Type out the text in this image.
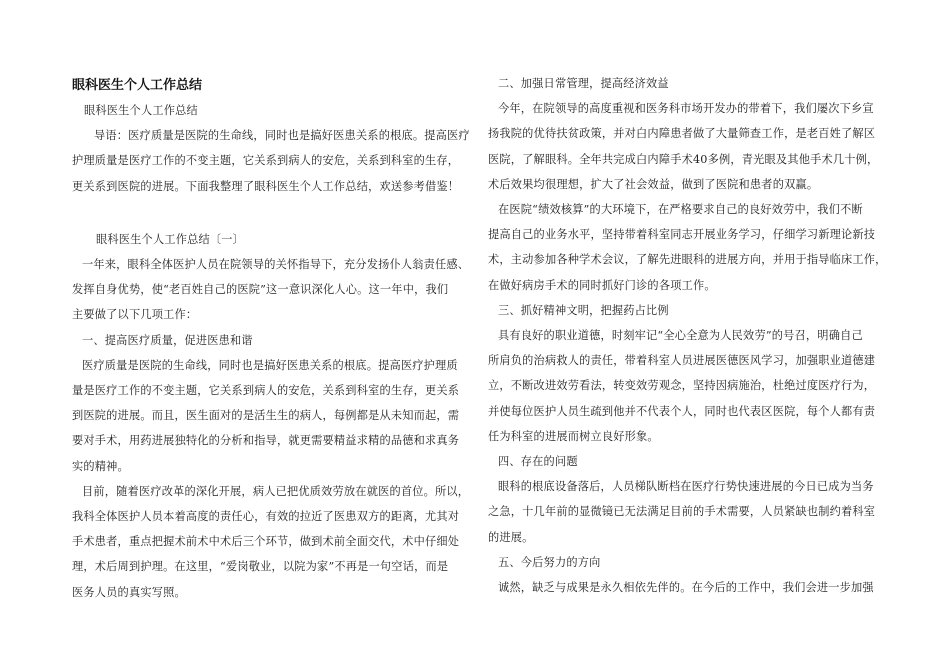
眼科医生个人工作总结

眼科医生个人工作总结

导语：医疗质量是医院的生命线，同时也是搞好医患关系的根底。提高医疗

护理质量是医疗工作的不变主题，它关系到病人的安危，关系到科室的生存，

更关系到医院的进展。下面我整理了眼科医生个人工作总结，欢送参考借鉴！

眼科医生个人工作总结〔一〕

一年来，眼科全体医护人员在院领导的关怀指导下，充分发扬仆人翁责任感、

发挥自身优势，使“老百姓自己的医院”这一意识深化人心。这一年中，我们

主要做了以下几项工作：

一、提高医疗质量，促进医患和谐

医疗质量是医院的生命线，同时也是搞好医患关系的根底。提高医疗护理质

量是医疗工作的不变主题，它关系到病人的安危，关系到科室的生存，更关系

到医院的进展。而且，医生面对的是活生生的病人，每例都是从未知而起，需

要对手术，用药进展独特化的分析和指导，就更需要精益求精的品德和求真务

实的精神。

目前，随着医疗改革的深化开展，病人已把优质效劳放在就医的首位。所以，

我科全体医护人员本着高度的责任心，有效的拉近了医患双方的距离，尤其对

手术患者，重点把握术前术中术后三个环节，做到术前全面交代，术中仔细处

理，术后周到护理。在这里，“爱岗敬业，以院为家”不再是一句空话，而是

医务人员的真实写照。

二、加强日常管理，提高经济效益

今年，在院领导的高度重视和医务科市场开发办的带着下，我们屡次下乡宣

扬我院的优待扶贫政策，并对白内障患者做了大量筛查工作，是老百姓了解区

医院，了解眼科。全年共完成白内障手术40多例，青光眼及其他手术几十例，

术后效果均很理想，扩大了社会效益，做到了医院和患者的双赢。

在医院“绩效核算”的大环境下，在严格要求自己的良好效劳中，我们不断

提高自己的业务水平，坚持带着科室同志开展业务学习，仔细学习新理论新技

术，主动参加各种学术会议，了解先进眼科的进展方向，并用于指导临床工作，

在做好病房手术的同时抓好门诊的各项工作。

三、抓好精神文明，把握药占比例

具有良好的职业道德，时刻牢记“全心全意为人民效劳”的号召，明确自己

所肩负的治病救人的责任，带着科室人员进展医德医风学习，加强职业道德建

立，不断改进效劳看法，转变效劳观念，坚持因病施治，杜绝过度医疗行为，

并使每位医护人员生疏到他并不代表个人，同时也代表区医院，每个人都有责

任为科室的进展而树立良好形象。

四、存在的问题

眼科的根底设备落后，人员梯队断档在医疗行势快速进展的今日已成为当务

之急，十几年前的显微镜已无法满足目前的手术需要，人员紧缺也制约着科室

的进展。

五、今后努力的方向

诚然，缺乏与成果是永久相依先伴的。在今后的工作中，我们会进一步加强
